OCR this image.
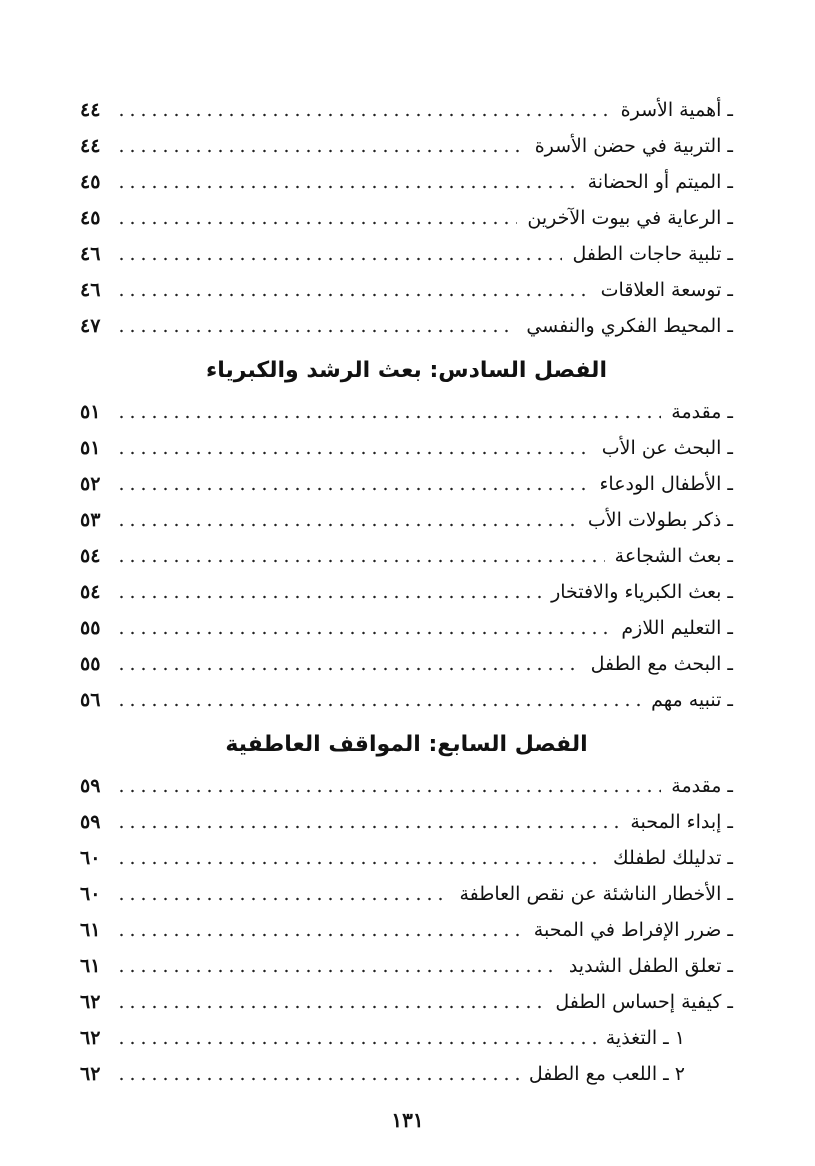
ـ أهمية الأسرة
٤٤
ـ التربية في حضن الأسرة
٤٤
ـ الميتم أو الحضانة
٤٥
ـ الرعاية في بيوت الآخرين
٤٥
ـ تلبية حاجات الطفل
٤٦
ـ توسعة العلاقات
٤٦
ـ المحيط الفكري والنفسي
٤٧
الفصل السادس: بعث الرشد والكبرياء
ـ مقدمة
٥١
ـ البحث عن الأب
٥١
ـ الأطفال الودعاء
٥٢
ـ ذكر بطولات الأب
٥٣
ـ بعث الشجاعة
٥٤
ـ بعث الكبرياء والافتخار
٥٤
ـ التعليم اللازم
٥٥
ـ البحث مع الطفل
٥٥
ـ تنبيه مهم
٥٦
الفصل السابع: المواقف العاطفية
ـ مقدمة
٥٩
ـ إبداء المحبة
٥٩
ـ تدليلك لطفلك
٦٠
ـ الأخطار الناشئة عن نقص العاطفة
٦٠
ـ ضرر الإفراط في المحبة
٦١
ـ تعلق الطفل الشديد
٦١
ـ كيفية إحساس الطفل
٦٢
١ ـ التغذية
٦٢
٢ ـ اللعب مع الطفل
٦٢
١٣١
